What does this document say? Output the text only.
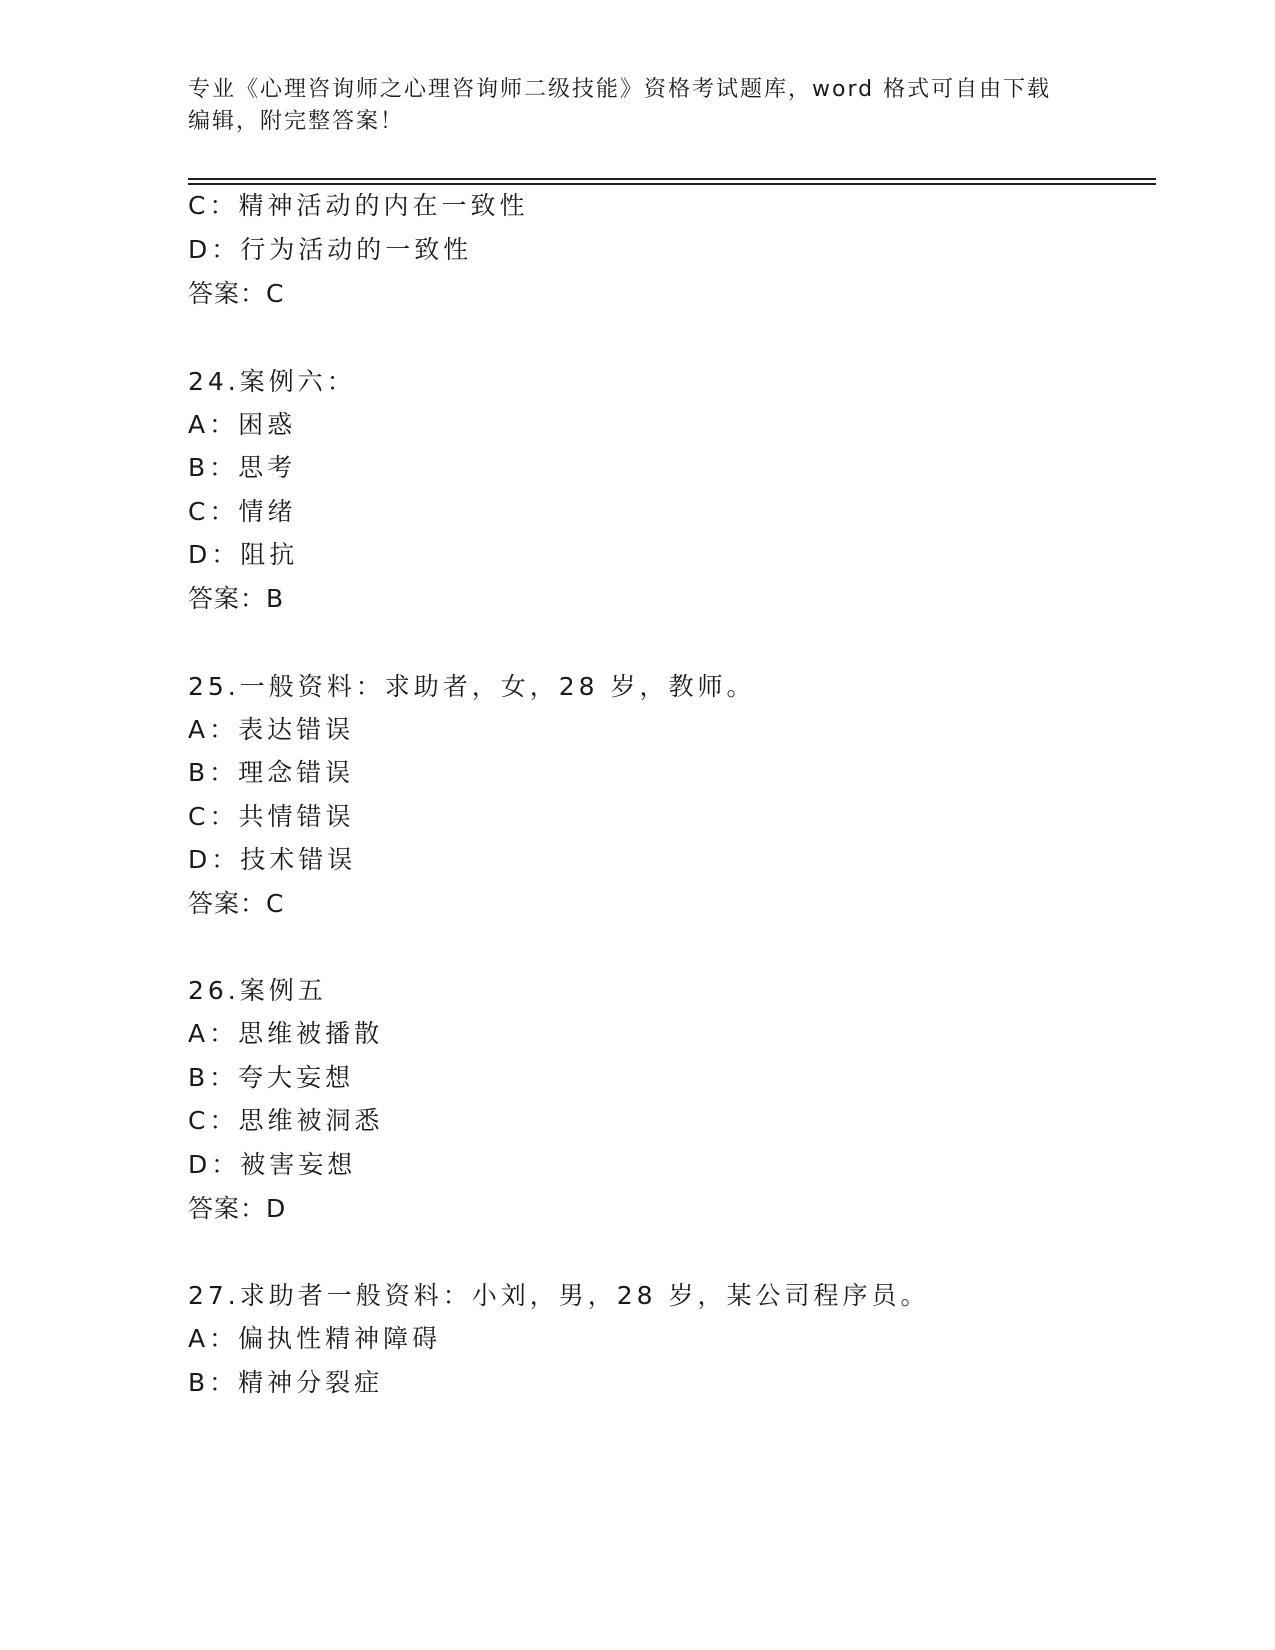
专业《心理咨询师之心理咨询师二级技能》资格考试题库，word 格式可自由下载
编辑，附完整答案！
C：精神活动的内在一致性
D：行为活动的一致性
答案：C
24.案例六：
A：困惑
B：思考
C：情绪
D：阻抗
答案：B
25.一般资料：求助者，女，28 岁，教师。
A：表达错误
B：理念错误
C：共情错误
D：技术错误
答案：C
26.案例五
A：思维被播散
B：夸大妄想
C：思维被洞悉
D：被害妄想
答案：D
27.求助者一般资料：小刘，男，28 岁，某公司程序员。
A：偏执性精神障碍
B：精神分裂症
